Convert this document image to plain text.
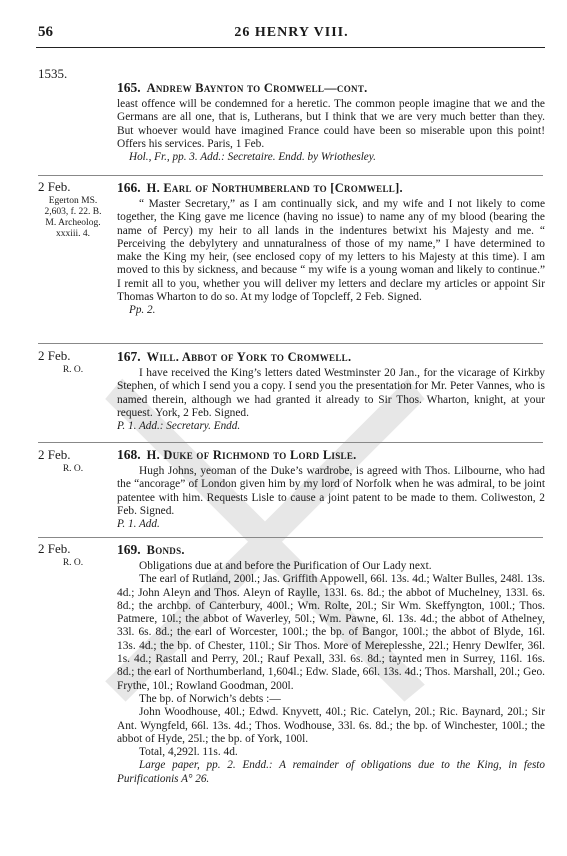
56	26 HENRY VIII.
1535.
165. Andrew Baynton to Cromwell—cont.

least offence will be condemned for a heretic. The common people imagine that we and the Germans are all one, that is, Lutherans, but I think that we are very much better than they. But whoever would have imagined France could have been so miserable upon this point! Offers his services. Paris, 1 Feb.

Hol., Fr., pp. 3. Add.: Secretaire. Endd. by Wriothesley.

2 Feb.
Egerton MS. 2,603, f. 22. B. M. Archeolog. xxxiii. 4.
166. H. Earl of Northumberland to [Cromwell].

“ Master Secretary,” as I am continually sick, and my wife and I not likely to come together, the King gave me licence (having no issue) to name any of my blood (bearing the name of Percy) my heir to all lands in the indentures betwixt his Majesty and me. “ Perceiving the debylytery and unnaturalness of those of my name,” I have determined to make the King my heir, (see enclosed copy of my letters to his Majesty at this time). I am moved to this by sickness, and because “ my wife is a young woman and likely to continue.” I remit all to you, whether you will deliver my letters and declare my articles or appoint Sir Thomas Wharton to do so. At my lodge of Topcleff, 2 Feb. Signed.

Pp. 2.

2 Feb.
R. O.
167. Will. Abbot of York to Cromwell.

I have received the King’s letters dated Westminster 20 Jan., for the vicarage of Kirkby Stephen, of which I send you a copy. I send you the presentation for Mr. Peter Vannes, who is named therein, although we had granted it already to Sir Thos. Wharton, knight, at your request. York, 2 Feb. Signed.

P. 1. Add.: Secretary. Endd.

2 Feb.
R. O.
168. H. Duke of Richmond to Lord Lisle.

Hugh Johns, yeoman of the Duke’s wardrobe, is agreed with Thos. Lilbourne, who had the “ancorage” of London given him by my lord of Norfolk when he was admiral, to be joint patentee with him. Requests Lisle to cause a joint patent to be made to them. Coliweston, 2 Feb. Signed.

P. 1. Add.

2 Feb.
R. O.
169. Bonds.

Obligations due at and before the Purification of Our Lady next.

The earl of Rutland, 200l.; Jas. Griffith Appowell, 66l. 13s. 4d.; Walter Bulles, 248l. 13s. 4d.; John Aleyn and Thos. Aleyn of Raylle, 133l. 6s. 8d.; the abbot of Muchelney, 133l. 6s. 8d.; the archbp. of Canterbury, 400l.; Wm. Rolte, 20l.; Sir Wm. Skeffyngton, 100l.; Thos. Patmere, 10l.; the abbot of Waverley, 50l.; Wm. Pawne, 6l. 13s. 4d.; the abbot of Athelney, 33l. 6s. 8d.; the earl of Worcester, 100l.; the bp. of Bangor, 100l.; the abbot of Blyde, 16l. 13s. 4d.; the bp. of Chester, 110l.; Sir Thos. More of Mereplesshe, 22l.; Henry Dewlfer, 36l. 1s. 4d.; Rastall and Perry, 20l.; Rauf Pexall, 33l. 6s. 8d.; taynted men in Surrey, 116l. 16s. 8d.; the earl of Northumberland, 1,604l.; Edw. Slade, 66l. 13s. 4d.; Thos. Marshall, 20l.; Geo. Frythe, 10l.; Rowland Goodman, 200l.

The bp. of Norwich’s debts :—

John Woodhouse, 40l.; Edwd. Knyvett, 40l.; Ric. Catelyn, 20l.; Ric. Baynard, 20l.; Sir Ant. Wyngfeld, 66l. 13s. 4d.; Thos. Wodhouse, 33l. 6s. 8d.; the bp. of Winchester, 100l.; the abbot of Hyde, 25l.; the bp. of York, 100l.

Total, 4,292l. 11s. 4d.

Large paper, pp. 2. Endd.: A remainder of obligations due to the King, in festo Purificationis A° 26.
